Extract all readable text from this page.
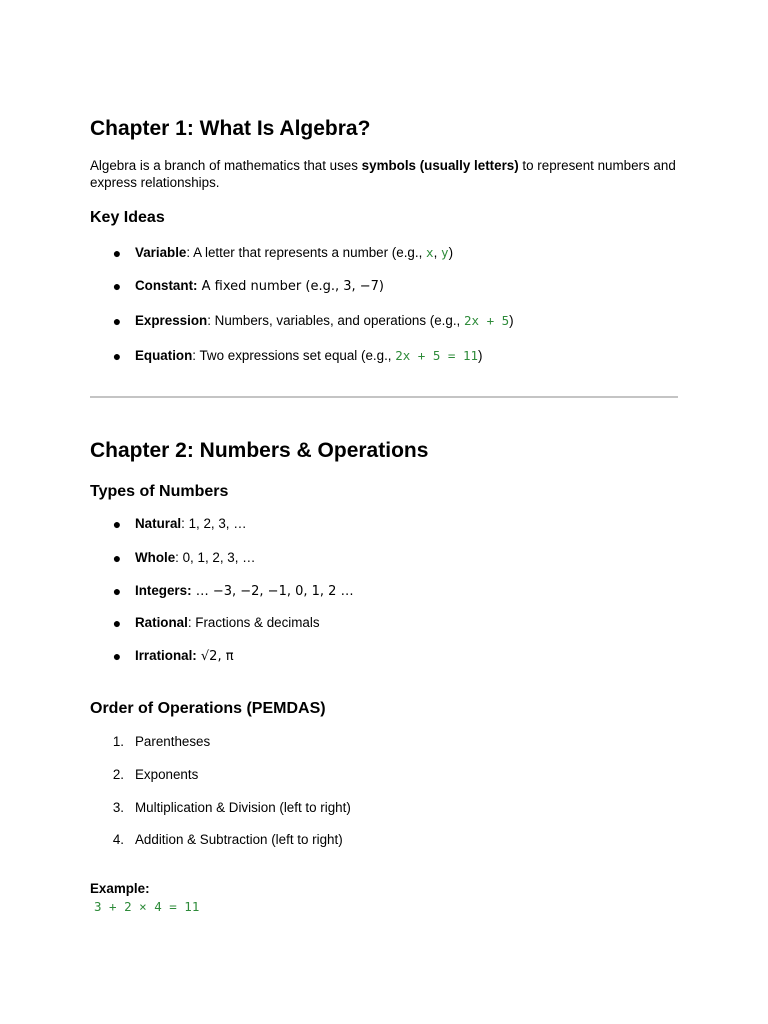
Chapter 1: What Is Algebra?

Algebra is a branch of mathematics that uses symbols (usually letters) to represent numbers and express relationships.

Key Ideas
● Variable: A letter that represents a number (e.g., x, y)
● Constant: A fixed number (e.g., 3, −7)
● Expression: Numbers, variables, and operations (e.g., 2x + 5)
● Equation: Two expressions set equal (e.g., 2x + 5 = 11)
Chapter 2: Numbers & Operations
Types of Numbers
● Natural: 1, 2, 3, …
● Whole: 0, 1, 2, 3, …
● Integers: … −3, −2, −1, 0, 1, 2 …
● Rational: Fractions & decimals
● Irrational: √2, π
Order of Operations (PEMDAS)
1. Parentheses
2. Exponents
3. Multiplication & Division (left to right)
4. Addition & Subtraction (left to right)
Example:
3 + 2 × 4 = 11
